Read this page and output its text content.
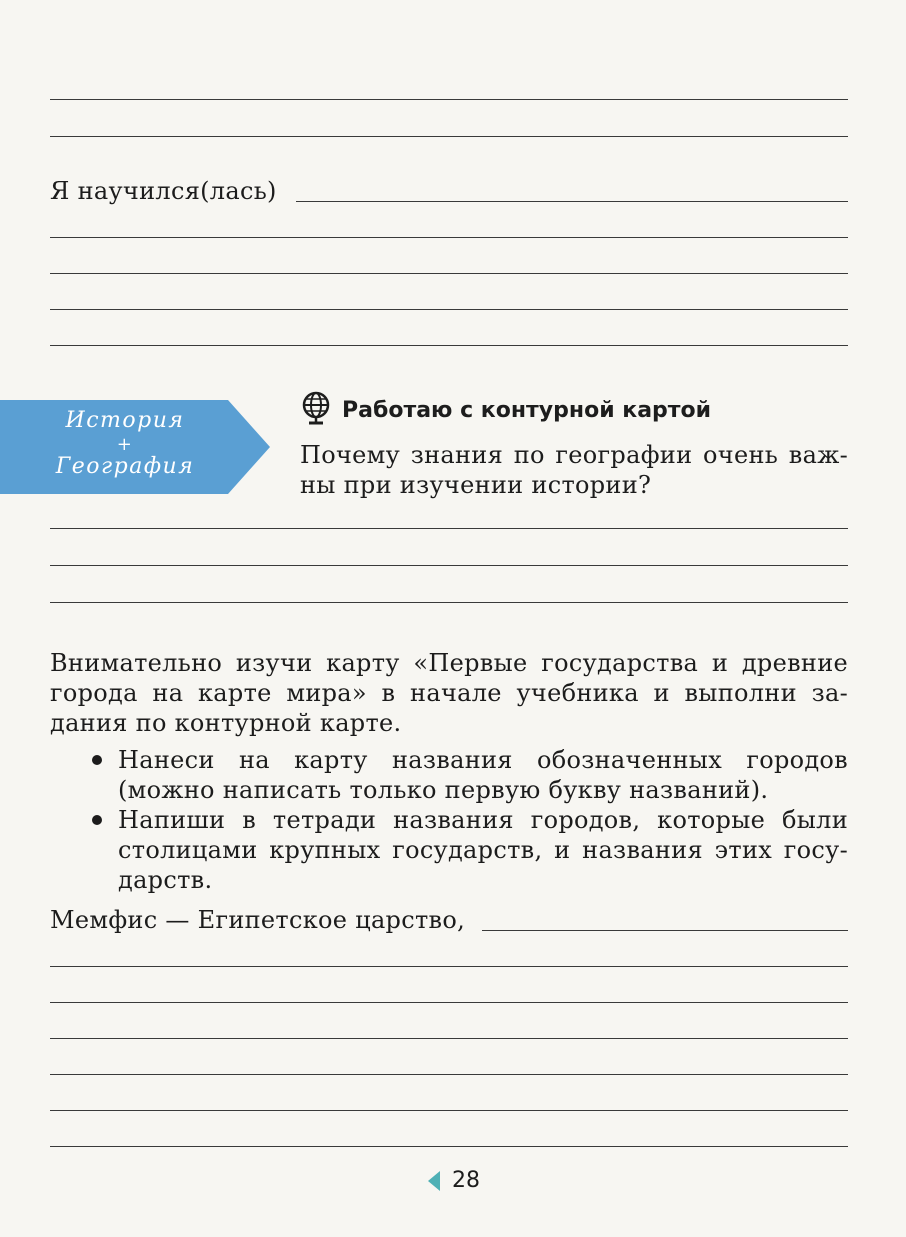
Я научился(лась)
История
+
География
Работаю с контурной картой
Почему знания по географии очень важ-
ны при изучении истории?
Внимательно изучи карту «Первые государства и древние
города на карте мира» в начале учебника и выполни за-
дания по контурной карте.
Нанеси на карту названия обозначенных городов
(можно написать только первую букву названий).
Напиши в тетради названия городов, которые были
столицами крупных государств, и названия этих госу-
дарств.
Мемфис — Египетское царство,
28
